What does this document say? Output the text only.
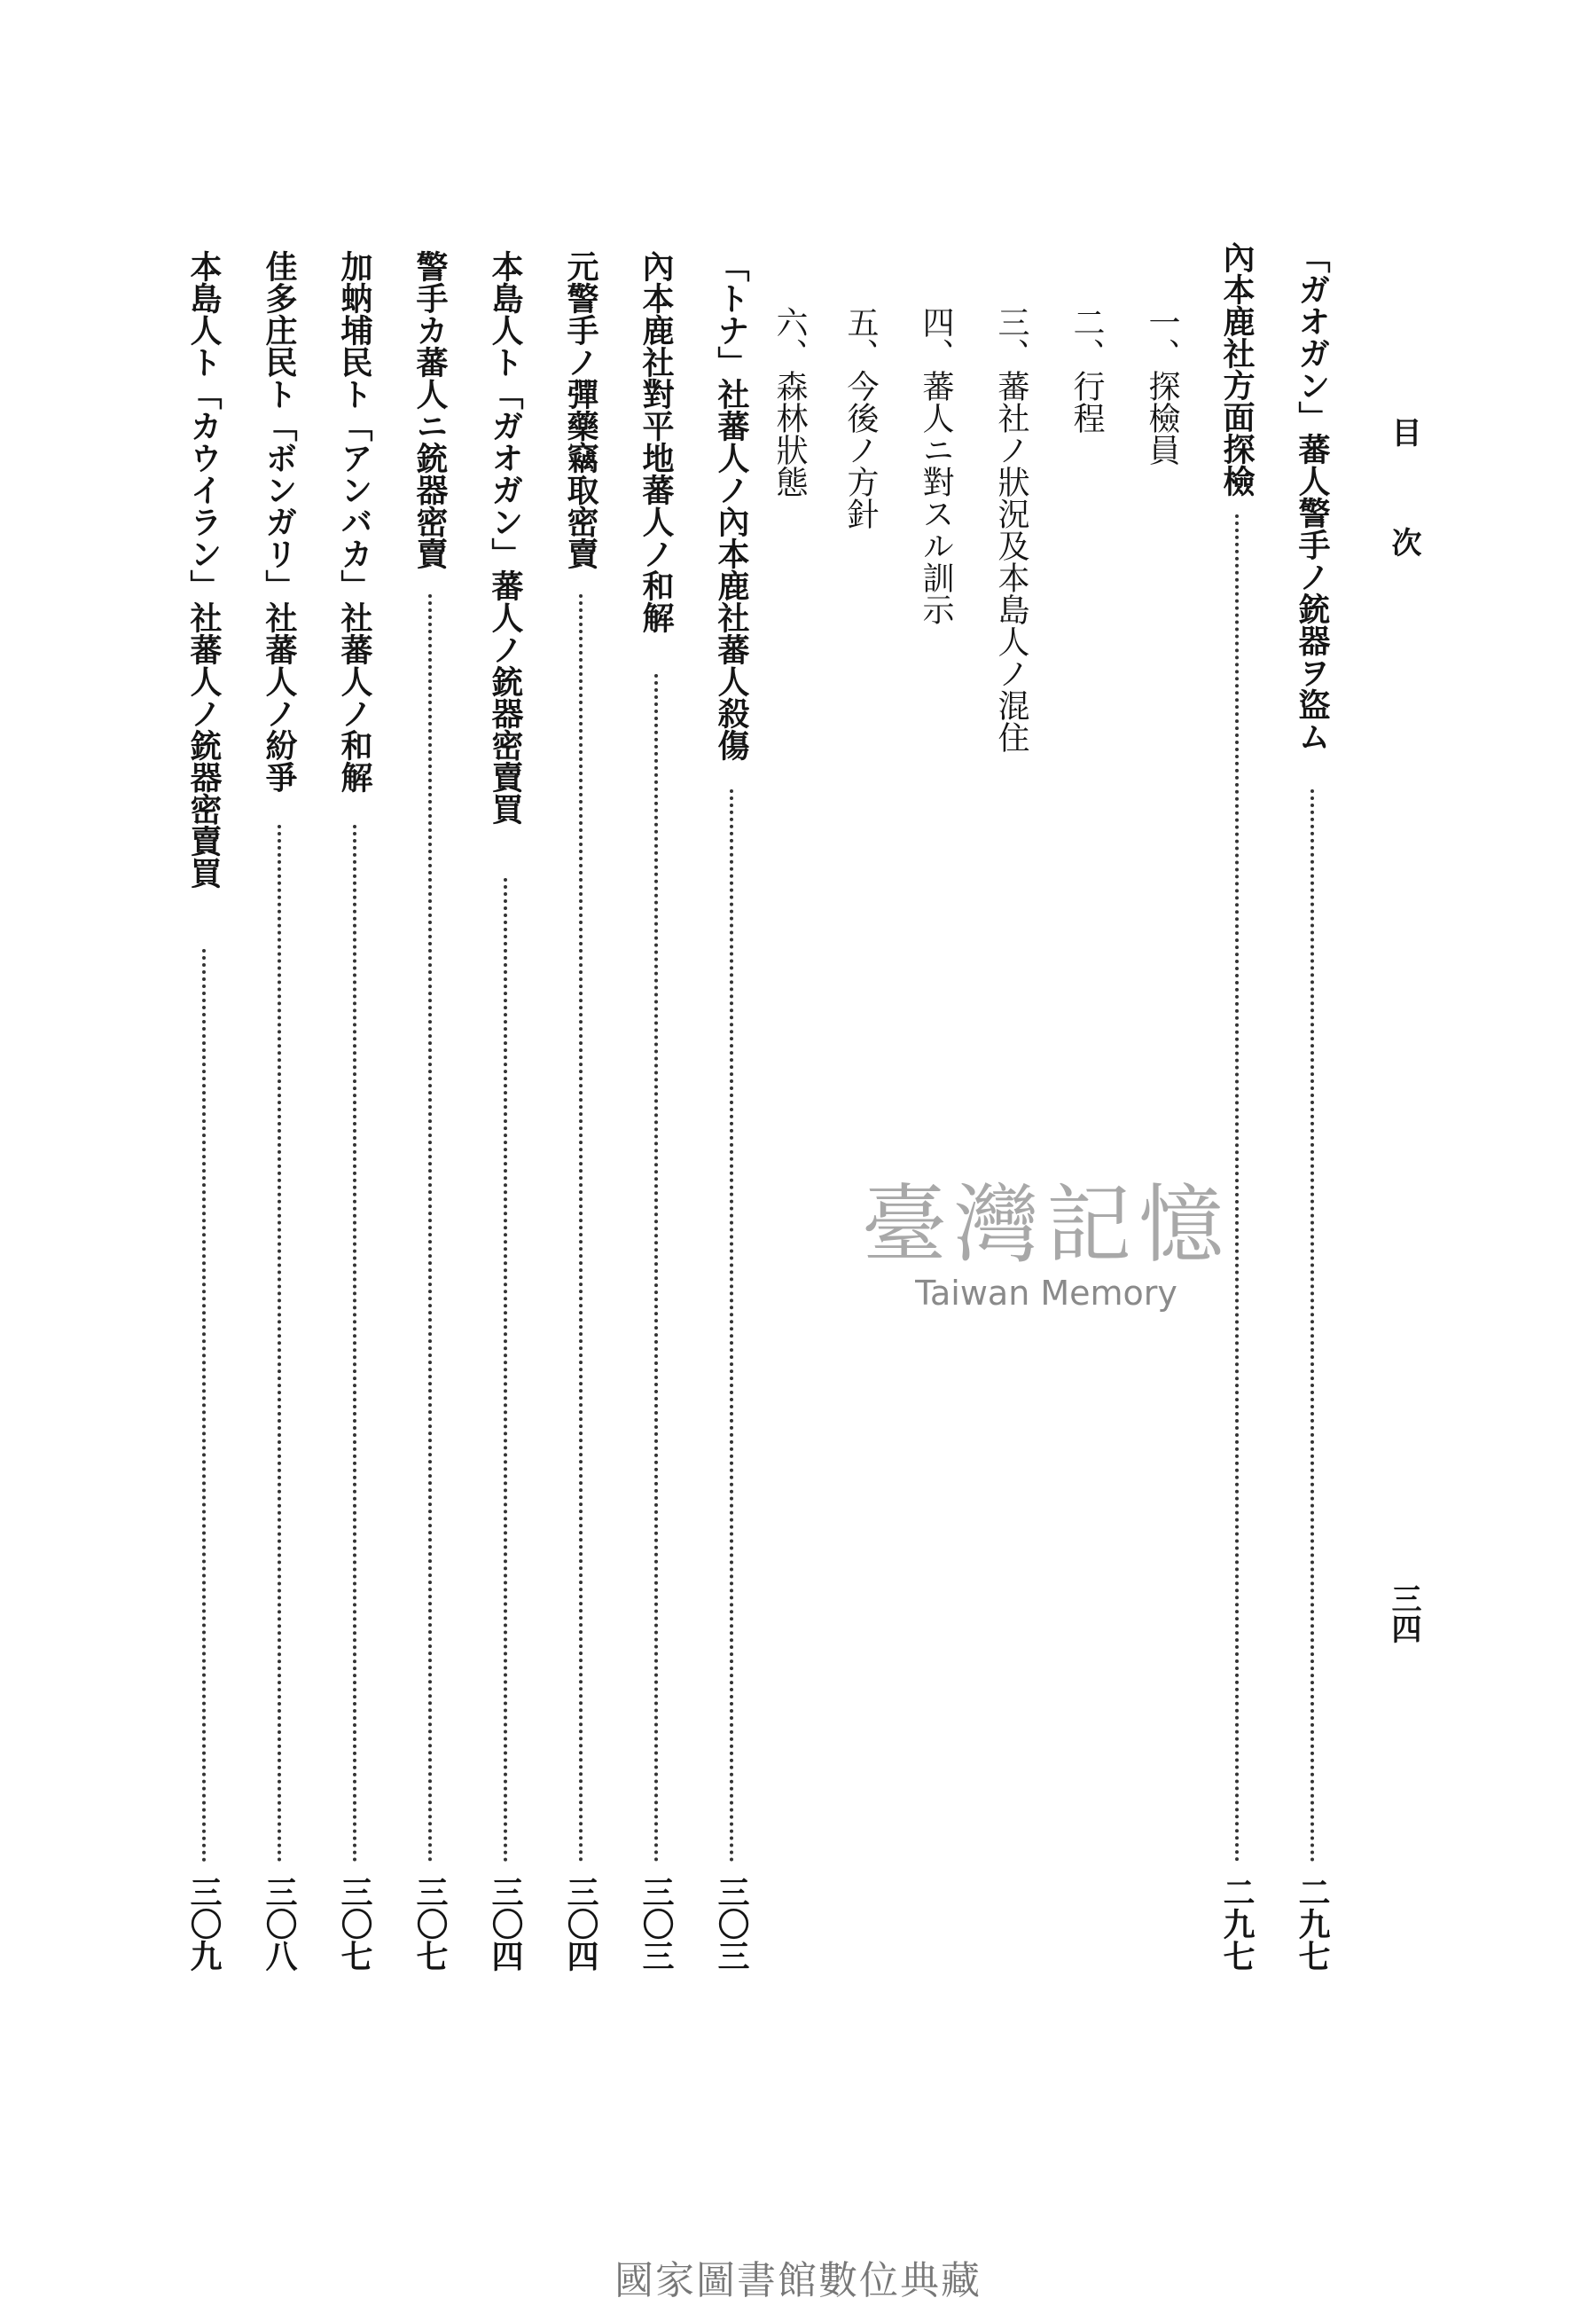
目次
三四
「ガオガン」蕃人警手ノ銃器ヲ盜ム
二九七
內本鹿社方面探檢
二九七
一、探檢員
二、行程
三、蕃社ノ狀況及本島人ノ混住
四、蕃人ニ對スル訓示
五、今後ノ方針
六、森林狀態
「トナ」社蕃人ノ內本鹿社蕃人殺傷
三〇三
內本鹿社對平地蕃人ノ和解
三〇三
元警手ノ彈藥竊取密賣
三〇四
本島人ト「ガオガン」蕃人ノ銃器密賣買
三〇四
警手カ蕃人ニ銃器密賣
三〇七
加蚋埔民ト「アンバカ」社蕃人ノ和解
三〇七
佳多庄民ト「ボンガリ」社蕃人ノ紛爭
三〇八
本島人ト「カウイラン」社蕃人ノ銃器密賣買
三〇九
臺灣記憶
Taiwan Memory
國家圖書館數位典藏
